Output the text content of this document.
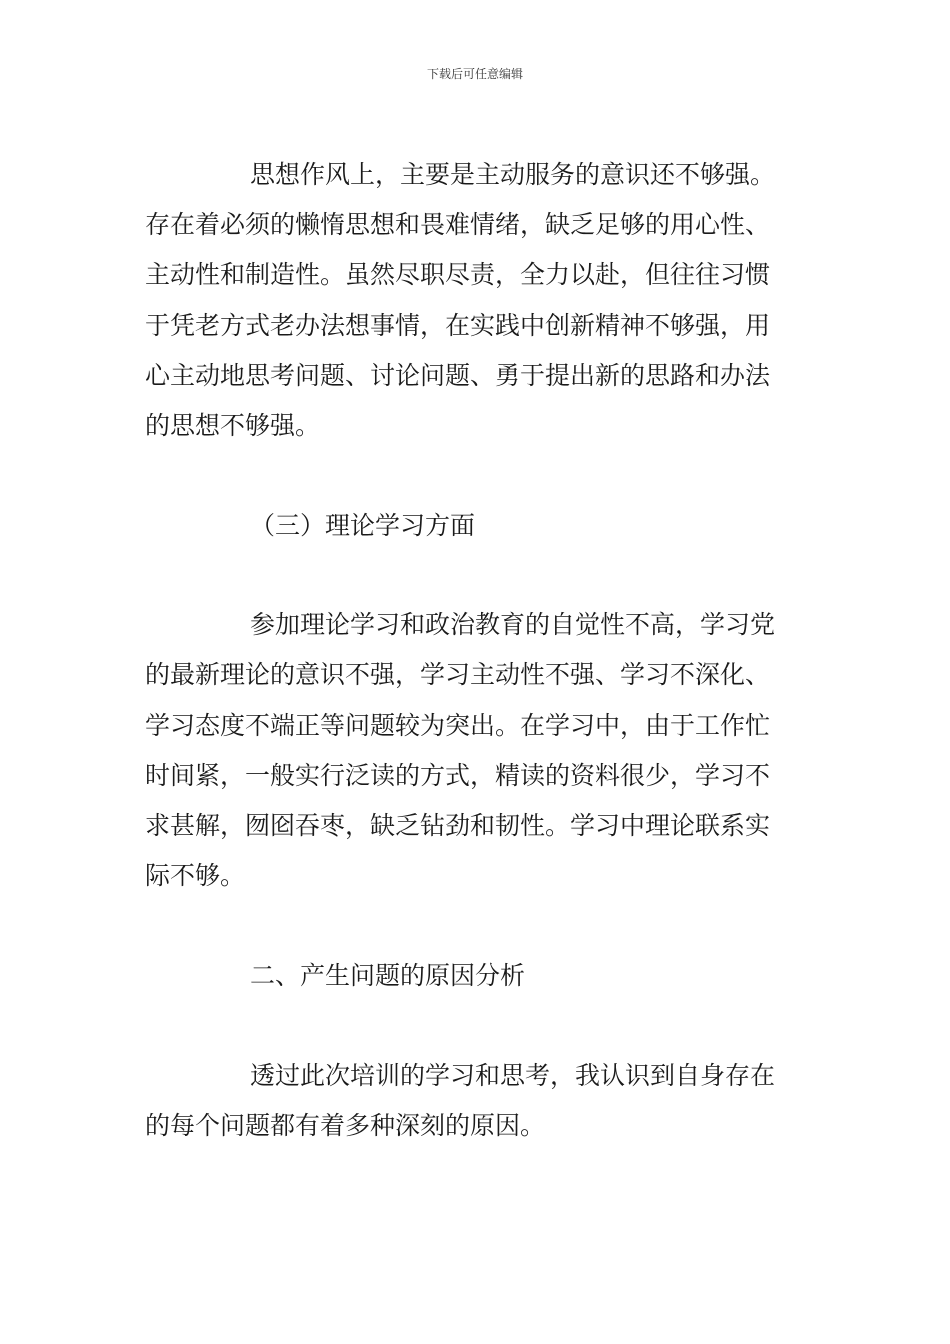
下载后可任意编辑
思想作风上，主要是主动服务的意识还不够强。
存在着必须的懒惰思想和畏难情绪，缺乏足够的用心性、
主动性和制造性。虽然尽职尽责，全力以赴，但往往习惯
于凭老方式老办法想事情，在实践中创新精神不够强，用
心主动地思考问题、讨论问题、勇于提出新的思路和办法
的思想不够强。
（三）理论学习方面
参加理论学习和政治教育的自觉性不高，学习党
的最新理论的意识不强，学习主动性不强、学习不深化、
学习态度不端正等问题较为突出。在学习中，由于工作忙
时间紧，一般实行泛读的方式，精读的资料很少，学习不
求甚解，囫囵吞枣，缺乏钻劲和韧性。学习中理论联系实
际不够。
二、产生问题的原因分析
透过此次培训的学习和思考，我认识到自身存在
的每个问题都有着多种深刻的原因。
